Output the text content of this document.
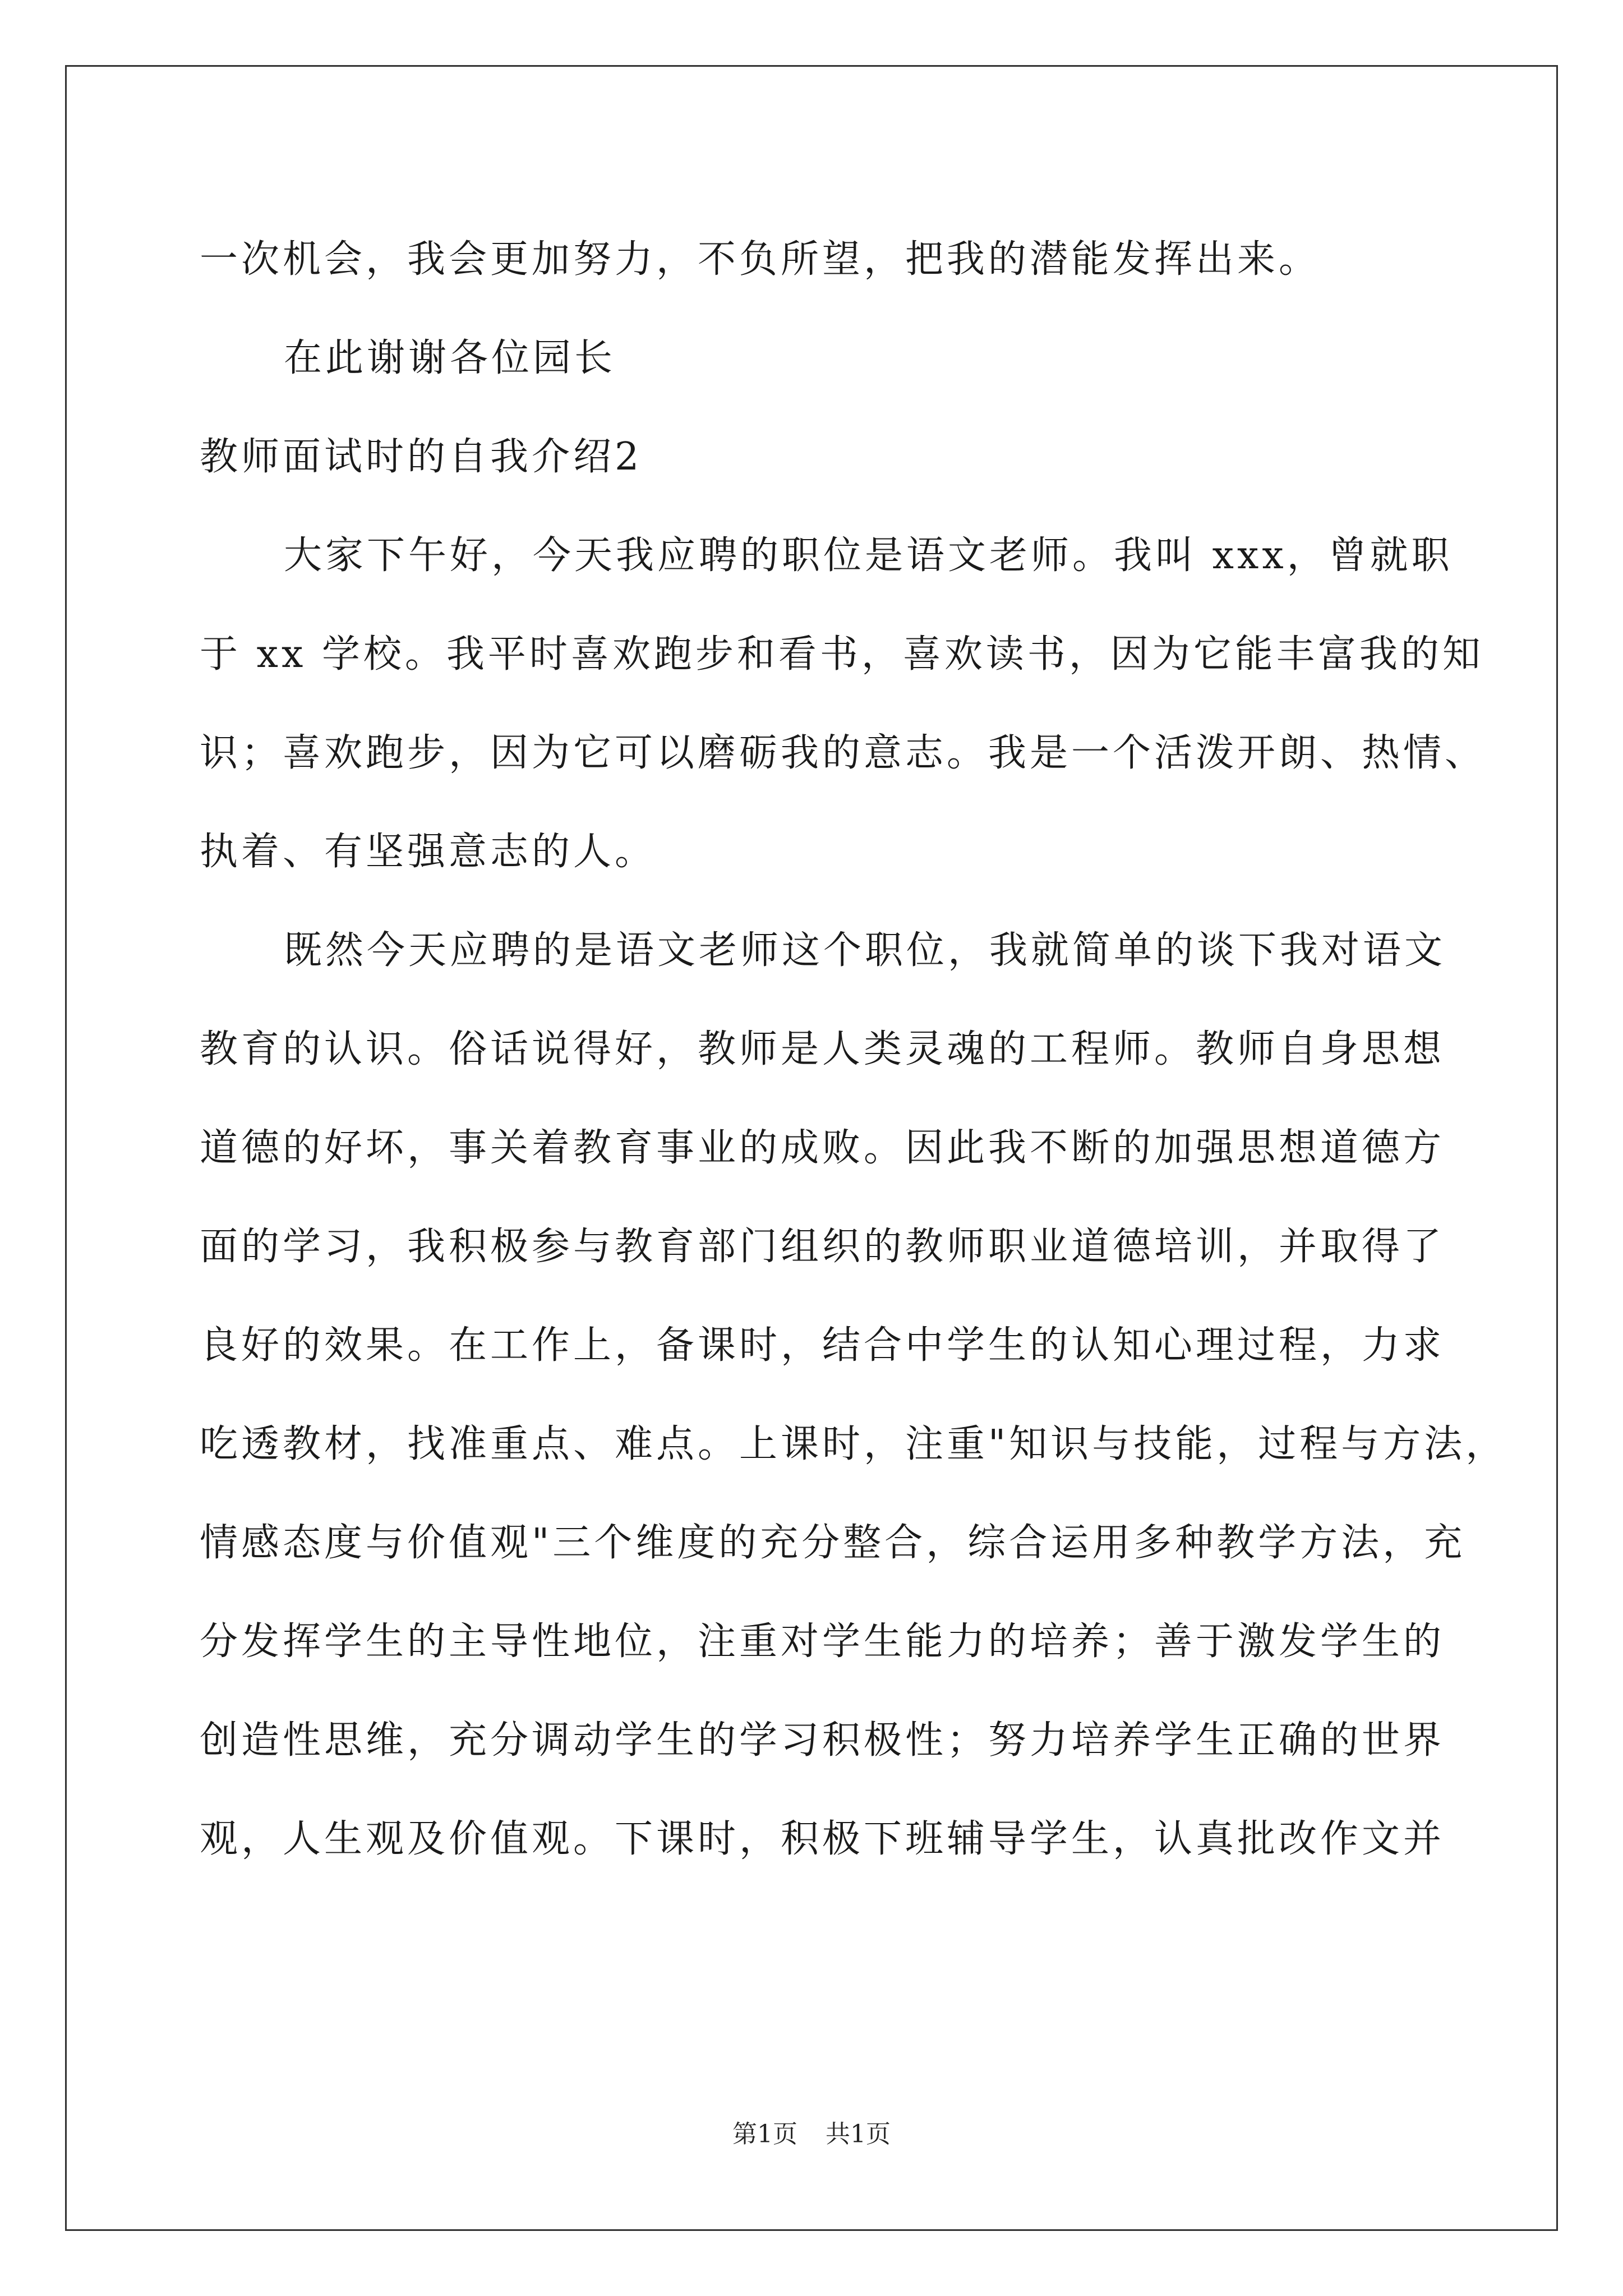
一次机会，我会更加努力，不负所望，把我的潜能发挥出来。
在此谢谢各位园长
教师面试时的自我介绍2
大家下午好，今天我应聘的职位是语文老师。我叫 xxx，曾就职
于 xx 学校。我平时喜欢跑步和看书，喜欢读书，因为它能丰富我的知
识；喜欢跑步，因为它可以磨砺我的意志。我是一个活泼开朗、热情、
执着、有坚强意志的人。
既然今天应聘的是语文老师这个职位，我就简单的谈下我对语文
教育的认识。俗话说得好，教师是人类灵魂的工程师。教师自身思想
道德的好坏，事关着教育事业的成败。因此我不断的加强思想道德方
面的学习，我积极参与教育部门组织的教师职业道德培训，并取得了
良好的效果。在工作上，备课时，结合中学生的认知心理过程，力求
吃透教材，找准重点、难点。上课时，注重"知识与技能，过程与方法，
情感态度与价值观"三个维度的充分整合，综合运用多种教学方法，充
分发挥学生的主导性地位，注重对学生能力的培养；善于激发学生的
创造性思维，充分调动学生的学习积极性；努力培养学生正确的世界
观，人生观及价值观。下课时，积极下班辅导学生，认真批改作文并
第1页 共1页
